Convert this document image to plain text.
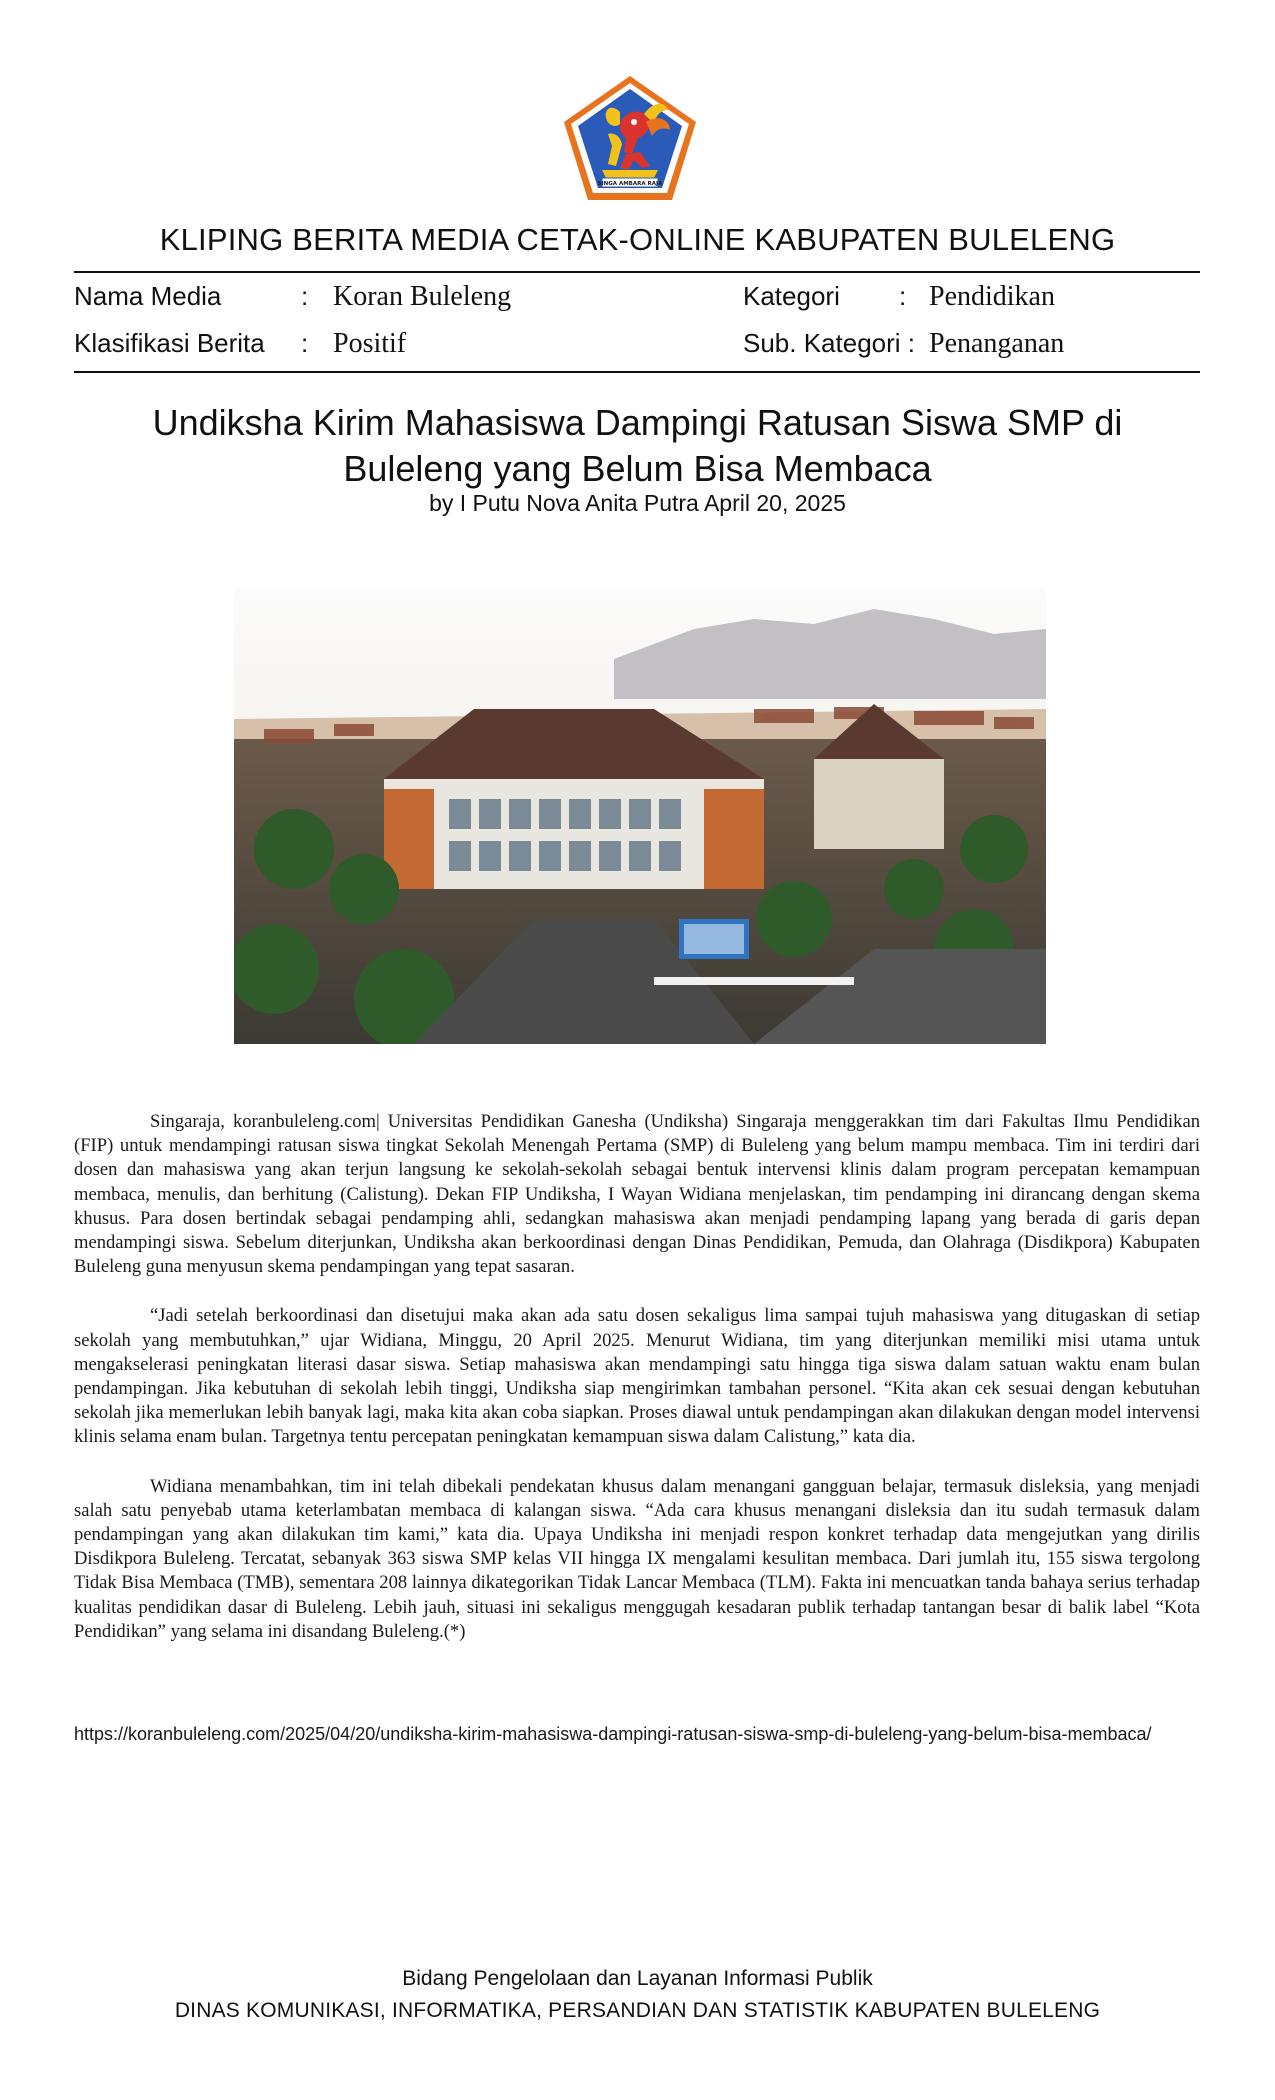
SINGA AMBARA RAJA
KLIPING BERITA MEDIA CETAK-ONLINE KABUPATEN BULELENG
Nama Media	: Koran Buleleng
Klasifikasi Berita : Positif
Kategori : Pendidikan
Sub. Kategori : Penanganan
Undiksha Kirim Mahasiswa Dampingi Ratusan Siswa SMP di Buleleng yang Belum Bisa Membaca
by I Putu Nova Anita Putra April 20, 2025

Singaraja, koranbuleleng.com| Universitas Pendidikan Ganesha (Undiksha) Singaraja menggerakkan tim dari Fakultas Ilmu Pendidikan (FIP) untuk mendampingi ratusan siswa tingkat Sekolah Menengah Pertama (SMP) di Buleleng yang belum mampu membaca. Tim ini terdiri dari dosen dan mahasiswa yang akan terjun langsung ke sekolah-sekolah sebagai bentuk intervensi klinis dalam program percepatan kemampuan membaca, menulis, dan berhitung (Calistung). Dekan FIP Undiksha, I Wayan Widiana menjelaskan, tim pendamping ini dirancang dengan skema khusus. Para dosen bertindak sebagai pendamping ahli, sedangkan mahasiswa akan menjadi pendamping lapang yang berada di garis depan mendampingi siswa. Sebelum diterjunkan, Undiksha akan berkoordinasi dengan Dinas Pendidikan, Pemuda, dan Olahraga (Disdikpora) Kabupaten Buleleng guna menyusun skema pendampingan yang tepat sasaran.

“Jadi setelah berkoordinasi dan disetujui maka akan ada satu dosen sekaligus lima sampai tujuh mahasiswa yang ditugaskan di setiap sekolah yang membutuhkan,” ujar Widiana, Minggu, 20 April 2025. Menurut Widiana, tim yang diterjunkan memiliki misi utama untuk mengakselerasi peningkatan literasi dasar siswa. Setiap mahasiswa akan mendampingi satu hingga tiga siswa dalam satuan waktu enam bulan pendampingan. Jika kebutuhan di sekolah lebih tinggi, Undiksha siap mengirimkan tambahan personel. “Kita akan cek sesuai dengan kebutuhan sekolah jika memerlukan lebih banyak lagi, maka kita akan coba siapkan. Proses diawal untuk pendampingan akan dilakukan dengan model intervensi klinis selama enam bulan. Targetnya tentu percepatan peningkatan kemampuan siswa dalam Calistung,” kata dia.

Widiana menambahkan, tim ini telah dibekali pendekatan khusus dalam menangani gangguan belajar, termasuk disleksia, yang menjadi salah satu penyebab utama keterlambatan membaca di kalangan siswa. “Ada cara khusus menangani disleksia dan itu sudah termasuk dalam pendampingan yang akan dilakukan tim kami,” kata dia. Upaya Undiksha ini menjadi respon konkret terhadap data mengejutkan yang dirilis Disdikpora Buleleng. Tercatat, sebanyak 363 siswa SMP kelas VII hingga IX mengalami kesulitan membaca. Dari jumlah itu, 155 siswa tergolong Tidak Bisa Membaca (TMB), sementara 208 lainnya dikategorikan Tidak Lancar Membaca (TLM). Fakta ini mencuatkan tanda bahaya serius terhadap kualitas pendidikan dasar di Buleleng. Lebih jauh, situasi ini sekaligus menggugah kesadaran publik terhadap tantangan besar di balik label “Kota Pendidikan” yang selama ini disandang Buleleng.(*)

https://koranbuleleng.com/2025/04/20/undiksha-kirim-mahasiswa-dampingi-ratusan-siswa-smp-di-buleleng-yang-belum-bisa-membaca/
Bidang Pengelolaan dan Layanan Informasi Publik
DINAS KOMUNIKASI, INFORMATIKA, PERSANDIAN DAN STATISTIK KABUPATEN BULELENG
